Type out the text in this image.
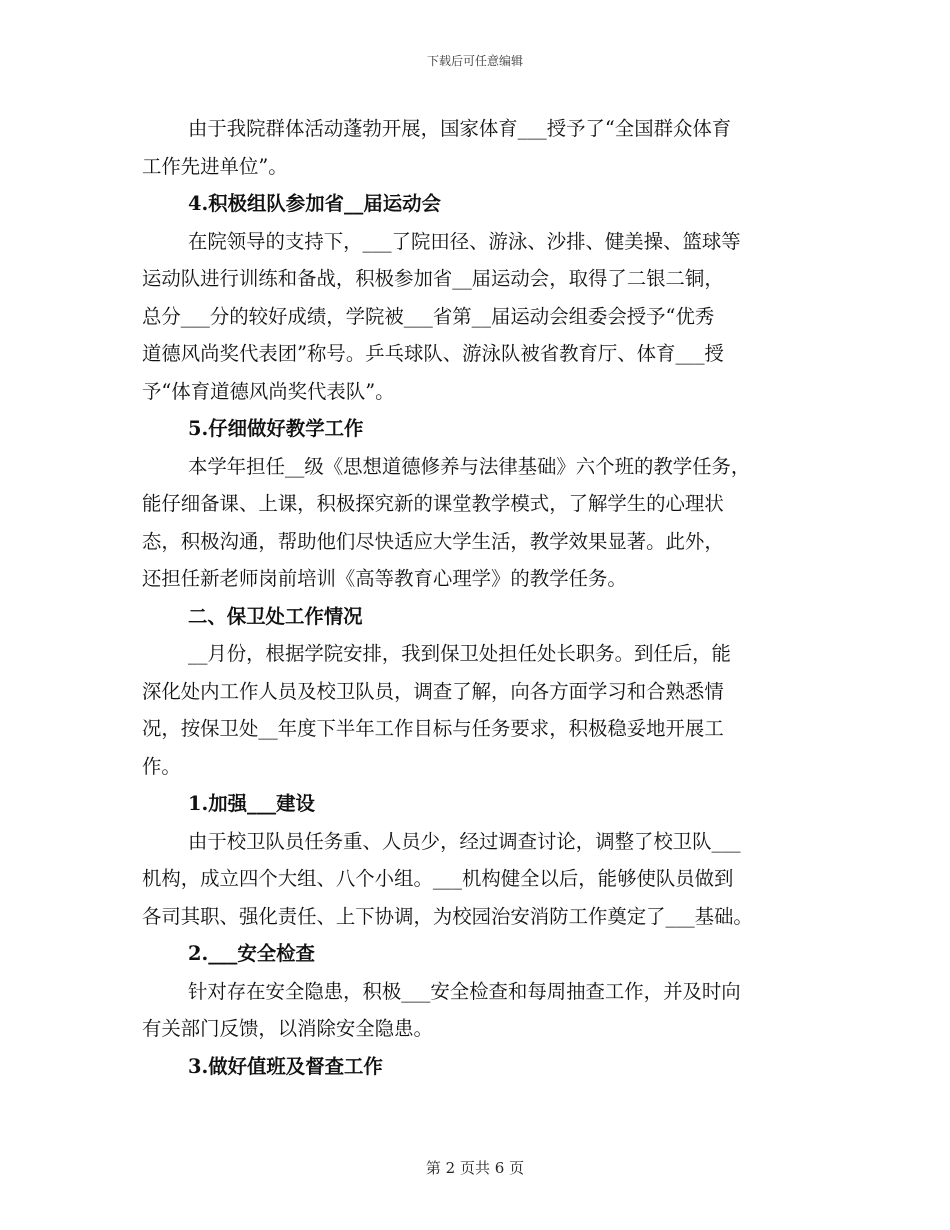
下载后可任意编辑
由于我院群体活动蓬勃开展，国家体育___授予了“全国群众体育
工作先进单位”。
4.积极组队参加省__届运动会
在院领导的支持下，___了院田径、游泳、沙排、健美操、篮球等
运动队进行训练和备战，积极参加省__届运动会，取得了二银二铜，
总分___分的较好成绩，学院被___省第__届运动会组委会授予“优秀
道德风尚奖代表团”称号。乒乓球队、游泳队被省教育厅、体育___授
予“体育道德风尚奖代表队”。
5.仔细做好教学工作
本学年担任__级《思想道德修养与法律基础》六个班的教学任务，
能仔细备课、上课，积极探究新的课堂教学模式，了解学生的心理状
态，积极沟通，帮助他们尽快适应大学生活，教学效果显著。此外，
还担任新老师岗前培训《高等教育心理学》的教学任务。
二、保卫处工作情况
__月份，根据学院安排，我到保卫处担任处长职务。到任后，能
深化处内工作人员及校卫队员，调查了解，向各方面学习和合熟悉情
况，按保卫处__年度下半年工作目标与任务要求，积极稳妥地开展工
作。
1.加强___建设
由于校卫队员任务重、人员少，经过调查讨论，调整了校卫队___
机构，成立四个大组、八个小组。___机构健全以后，能够使队员做到
各司其职、强化责任、上下协调，为校园治安消防工作奠定了___基础。
2.___安全检查
针对存在安全隐患，积极___安全检查和每周抽查工作，并及时向
有关部门反馈，以消除安全隐患。
3.做好值班及督查工作
第 2 页共 6 页
